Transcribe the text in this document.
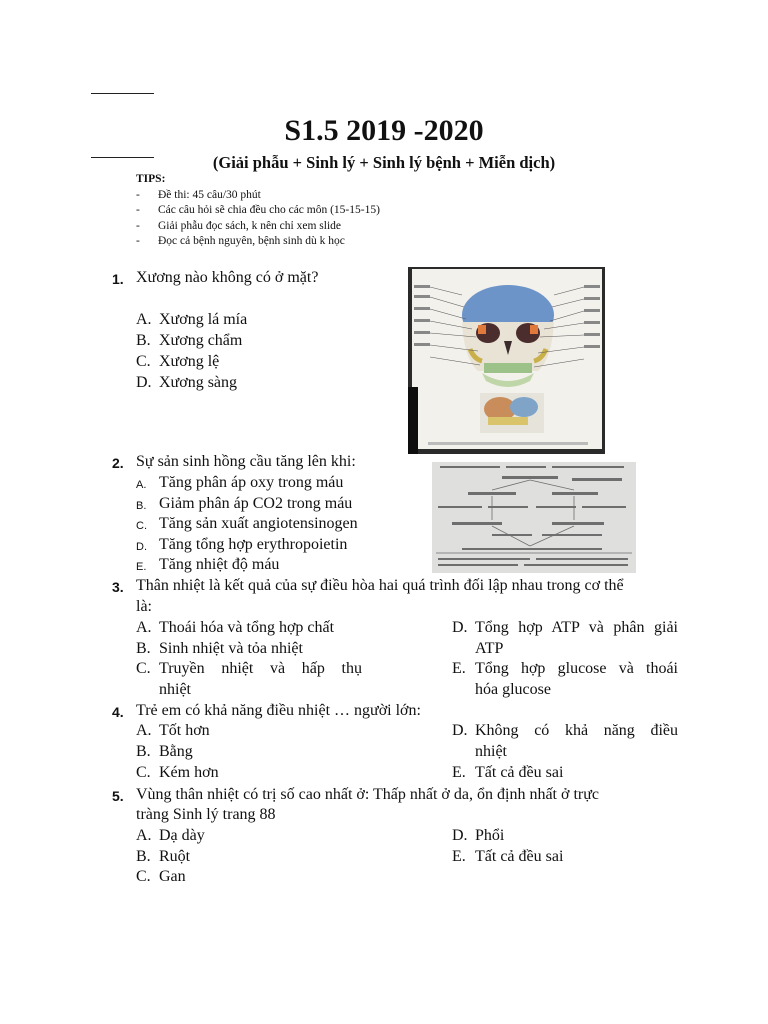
S1.5 2019 -2020
(Giải phẫu + Sinh lý + Sinh lý bệnh + Miễn dịch)
TIPS:
- Đề thi: 45 câu/30 phút
- Các câu hỏi sẽ chia đều cho các môn (15-15-15)
- Giải phẫu đọc sách, k nên chỉ xem slide
- Đọc cả bệnh nguyên, bệnh sinh dù k học
1. Xương nào không có ở mặt?
A. Xương lá mía
B. Xương chẩm
C. Xương lệ
D. Xương sàng
2. Sự sản sinh hồng cầu tăng lên khi:
A. Tăng phân áp oxy trong máu
B. Giảm phân áp CO2 trong máu
C. Tăng sản xuất angiotensinogen
D. Tăng tổng hợp erythropoietin
E. Tăng nhiệt độ máu
3. Thân nhiệt là kết quả của sự điều hòa hai quá trình đối lập nhau trong cơ thể
là:
A. Thoái hóa và tổng hợp chất
B. Sinh nhiệt và tỏa nhiệt
C. Truyền nhiệt và hấp thụ
nhiệt
D. Tổng hợp ATP và phân giải
ATP
E. Tổng hợp glucose và thoái
hóa glucose
4. Trẻ em có khả năng điều nhiệt … người lớn:
A. Tốt hơn
B. Bằng
C. Kém hơn
D. Không có khả năng điều
nhiệt
E. Tất cả đều sai
5. Vùng thân nhiệt có trị số cao nhất ở: Thấp nhất ở da, ổn định nhất ở trực
tràng Sinh lý trang 88
A. Dạ dày
B. Ruột
C. Gan
D. Phổi
E. Tất cả đều sai
